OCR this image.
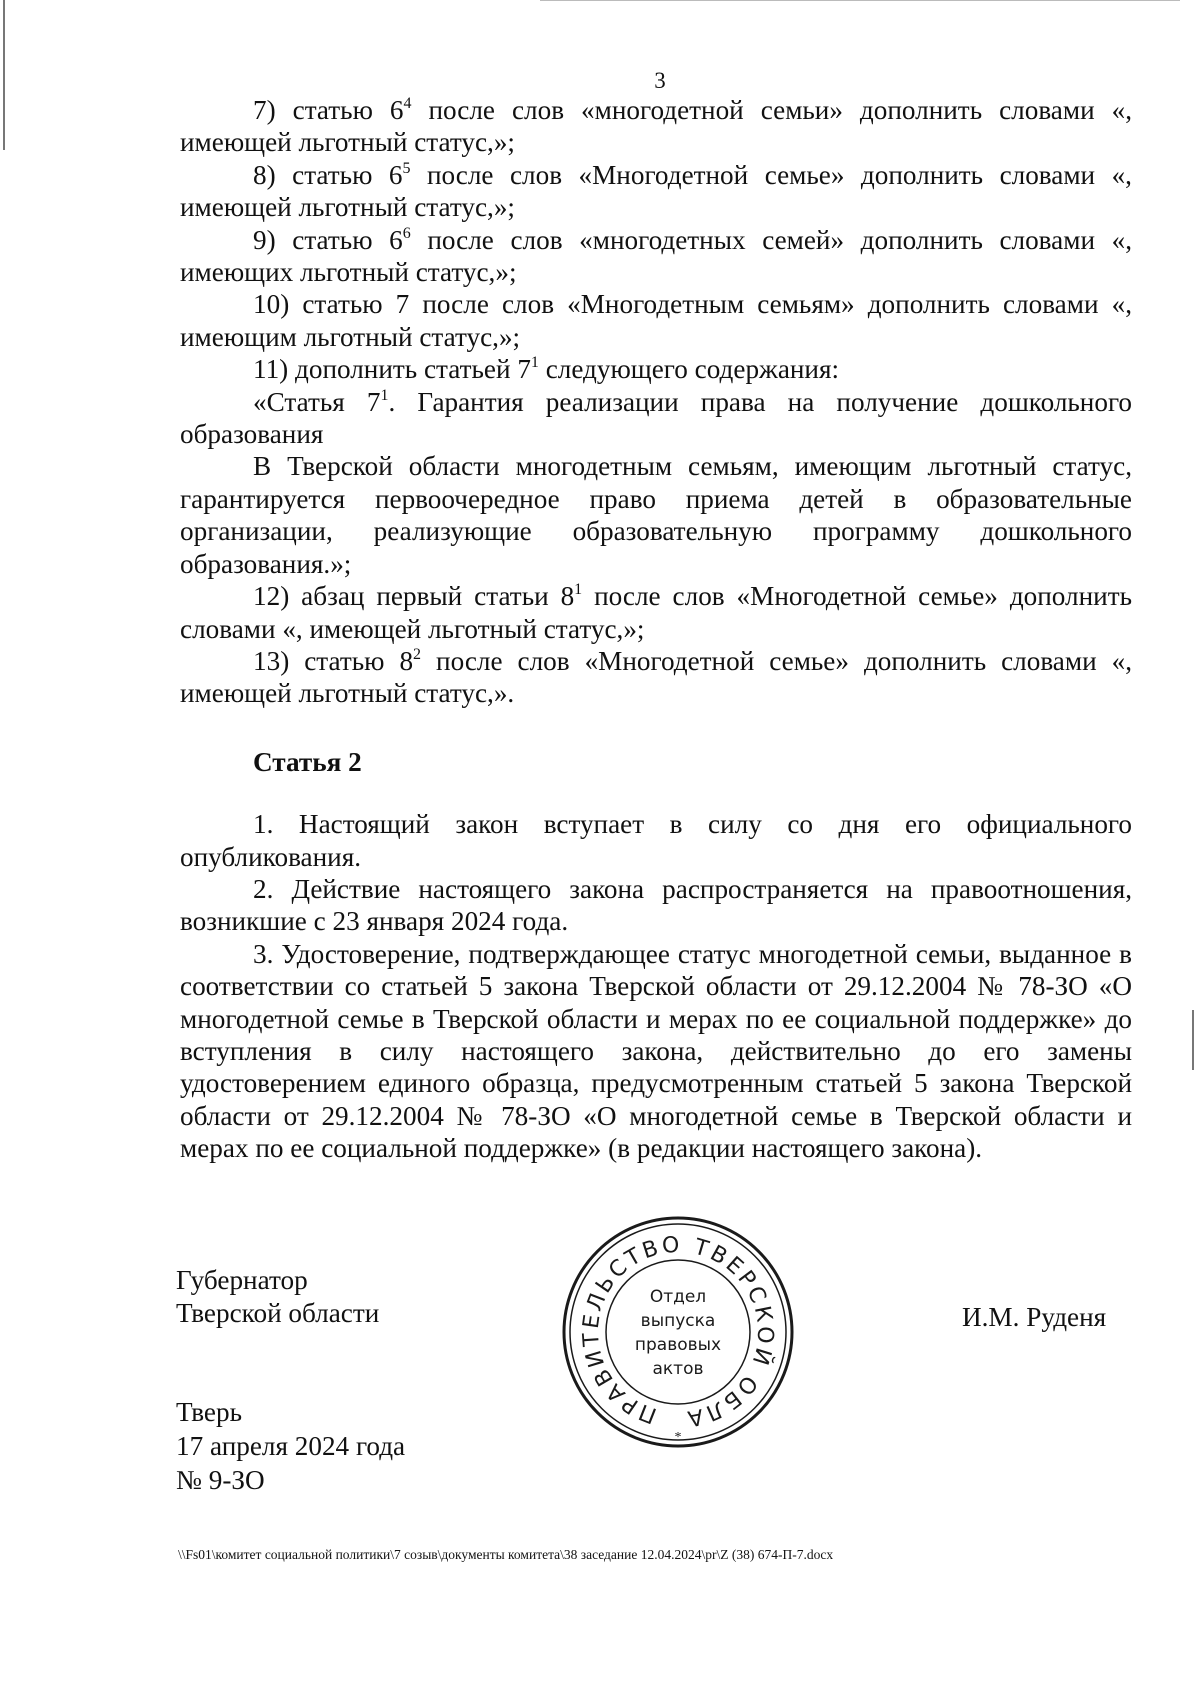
3

7) статью $6^4$ после слов «многодетной семьи» дополнить словами «, имеющей льготный статус,»;

8) статью $6^5$ после слов «Многодетной семье» дополнить словами «, имеющей льготный статус,»;

9) статью $6^6$ после слов «многодетных семей» дополнить словами «, имеющих льготный статус,»;

10) статью 7 после слов «Многодетным семьям» дополнить словами «, имеющим льготный статус,»;

11) дополнить статьей $7^1$ следующего содержания:

«Статья $7^1$. Гарантия реализации права на получение дошкольного образования

В Тверской области многодетным семьям, имеющим льготный статус, гарантируется первоочередное право приема детей в образовательные организации, реализующие образовательную программу дошкольного образования.»;

12) абзац первый статьи $8^1$ после слов «Многодетной семье» дополнить словами «, имеющей льготный статус,»;

13) статью $8^2$ после слов «Многодетной семье» дополнить словами «, имеющей льготный статус,».

Статья 2

1. Настоящий закон вступает в силу со дня его официального опубликования.

2. Действие настоящего закона распространяется на правоотношения, возникшие с 23 января 2024 года.

3. Удостоверение, подтверждающее статус многодетной семьи, выданное в соответствии со статьей 5 закона Тверской области от 29.12.2004 № 78-ЗО «О многодетной семье в Тверской области и мерах по ее социальной поддержке» до вступления в силу настоящего закона, действительно до его замены удостоверением единого образца, предусмотренным статьей 5 закона Тверской области от 29.12.2004 № 78-ЗО «О многодетной семье в Тверской области и мерах по ее социальной поддержке» (в редакции настоящего закона).

Губернатор
Тверской области
ПРАВИТЕЛЬСТВО ТВЕРСКОЙ ОБЛА
*
Отдел
выпуска
правовых
актов
И.М. Руденя
Тверь
17 апреля 2024 года
№ 9-ЗО
\\Fs01\комитет социальной политики\7 созыв\документы комитета\38 заседание 12.04.2024\pr\Z (38) 674-П-7.docx
